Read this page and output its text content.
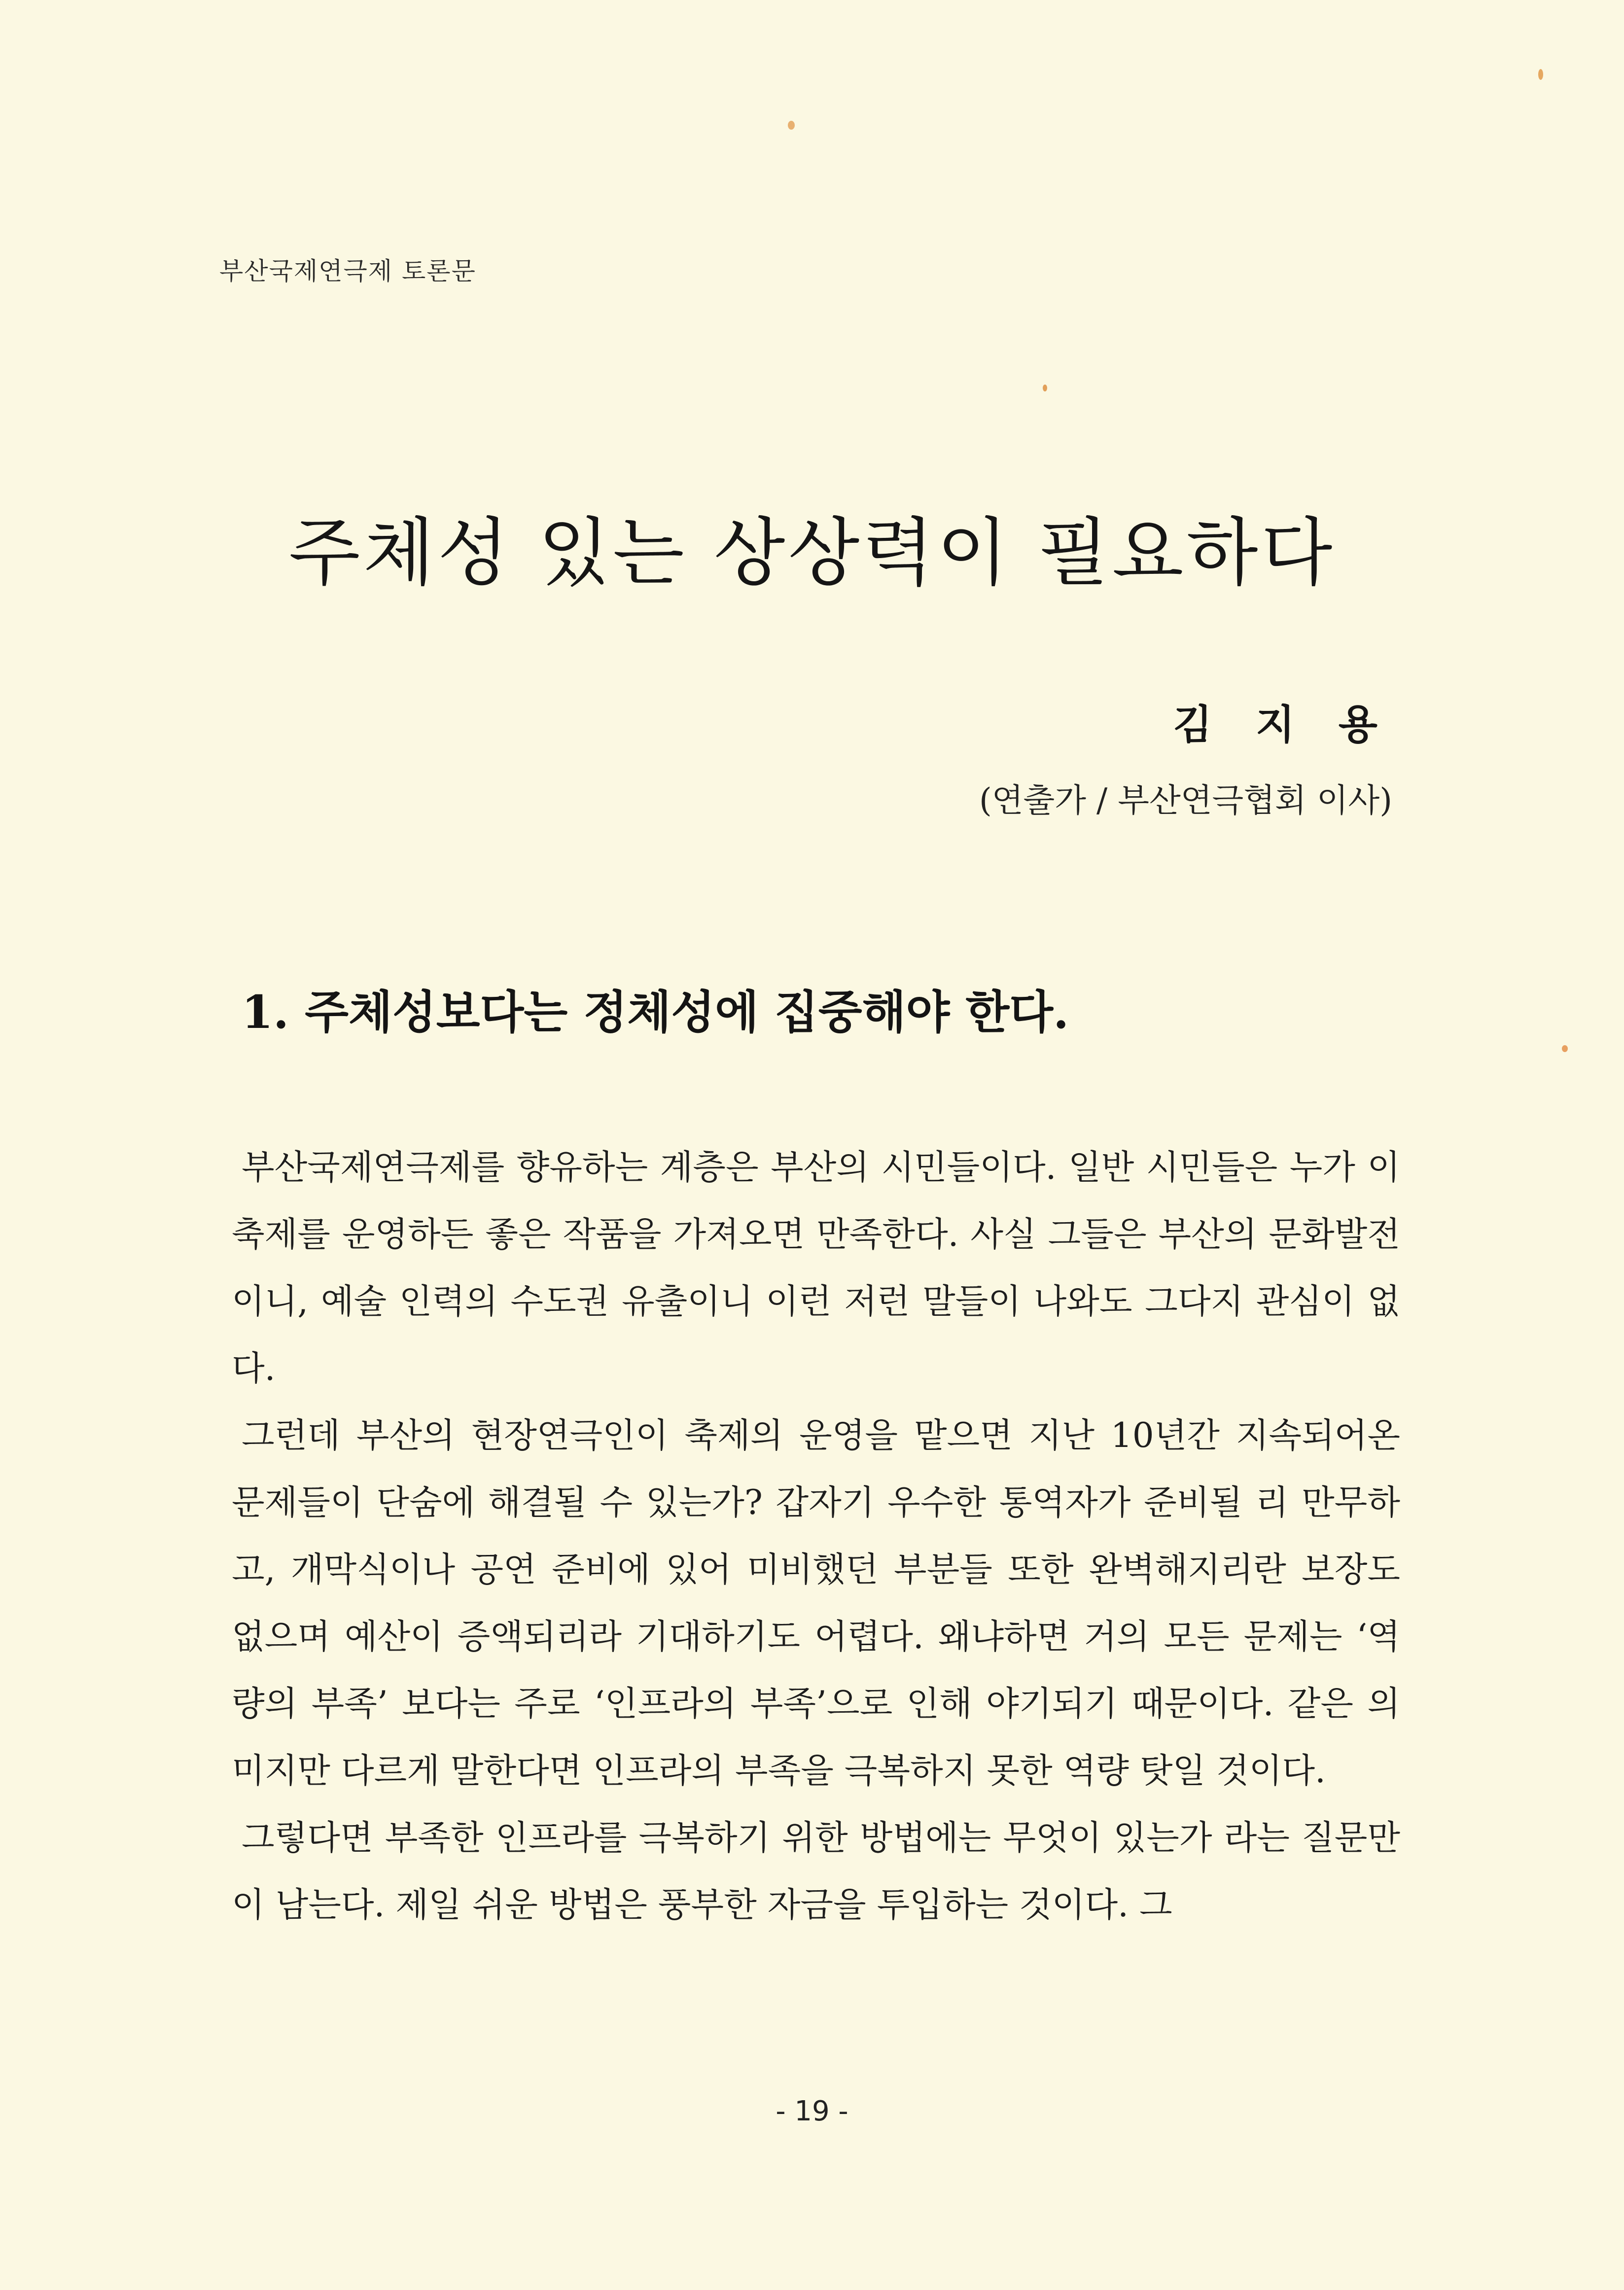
부산국제연극제 토론문
주체성 있는 상상력이 필요하다
김 지 용
(연출가 / 부산연극협회 이사)
1. 주체성보다는 정체성에 집중해야 한다.

부산국제연극제를 향유하는 계층은 부산의 시민들이다. 일반 시민들은 누가 이 축제를 운영하든 좋은 작품을 가져오면 만족한다. 사실 그들은 부산의 문화발전이니, 예술 인력의 수도권 유출이니 이런 저런 말들이 나와도 그다지 관심이 없다.

그런데 부산의 현장연극인이 축제의 운영을 맡으면 지난 10년간 지속되어온 문제들이 단숨에 해결될 수 있는가? 갑자기 우수한 통역자가 준비될 리 만무하고, 개막식이나 공연 준비에 있어 미비했던 부분들 또한 완벽해지리란 보장도 없으며 예산이 증액되리라 기대하기도 어렵다. 왜냐하면 거의 모든 문제는 ‘역량의 부족’ 보다는 주로 ‘인프라의 부족’으로 인해 야기되기 때문이다. 같은 의미지만 다르게 말한다면 인프라의 부족을 극복하지 못한 역량 탓일 것이다.

그렇다면 부족한 인프라를 극복하기 위한 방법에는 무엇이 있는가 라는 질문만이 남는다. 제일 쉬운 방법은 풍부한 자금을 투입하는 것이다. 그

- 19 -
